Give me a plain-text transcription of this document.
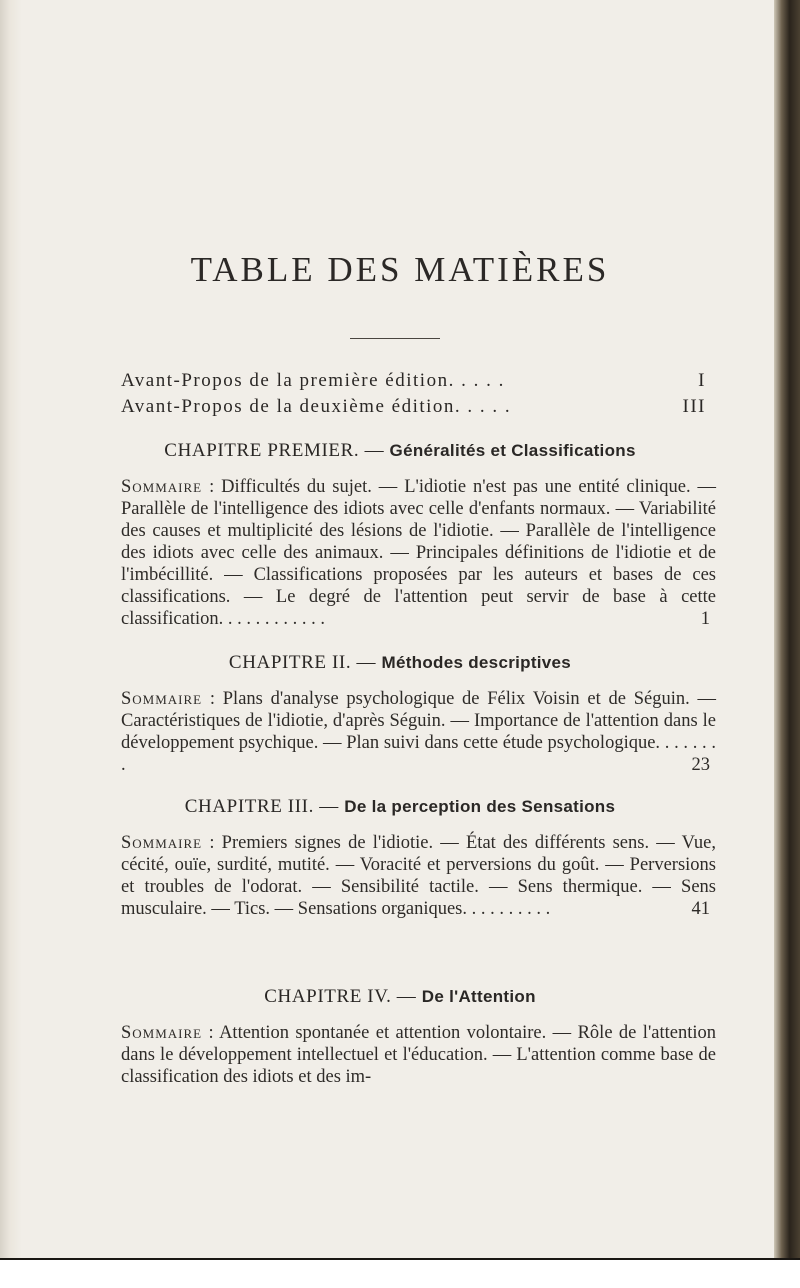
TABLE DES MATIÈRES
Avant-Propos de la première édition. . . . .	I
Avant-Propos de la deuxième édition. . . . .	III
CHAPITRE PREMIER. — Généralités et Classifications
Sommaire : Difficultés du sujet. — L'idiotie n'est pas une entité clinique. — Parallèle de l'intelligence des idiots avec celle d'enfants normaux. — Variabilité des causes et multiplicité des lésions de l'idiotie. — Parallèle de l'intelligence des idiots avec celle des animaux. — Principales définitions de l'idiotie et de l'imbécillité. — Classifications proposées par les auteurs et bases de ces classifications. — Le degré de l'attention peut servir de base à cette classification. . . . . . . . . . . .	1
CHAPITRE II. — Méthodes descriptives
Sommaire : Plans d'analyse psychologique de Félix Voisin et de Séguin. — Caractéristiques de l'idiotie, d'après Séguin. — Importance de l'attention dans le développement psychique. — Plan suivi dans cette étude psychologique. . . . . . . .	23
CHAPITRE III. — De la perception des Sensations
Sommaire : Premiers signes de l'idiotie. — État des différents sens. — Vue, cécité, ouïe, surdité, mutité. — Voracité et perversions du goût. — Perversions et troubles de l'odorat. — Sensibilité tactile. — Sens thermique. — Sens musculaire. — Tics. — Sensations organiques. . . . . . . . . .	41
CHAPITRE IV. — De l'Attention
Sommaire : Attention spontanée et attention volontaire. — Rôle de l'attention dans le développement intellectuel et l'éducation. — L'attention comme base de classification des idiots et des im-
